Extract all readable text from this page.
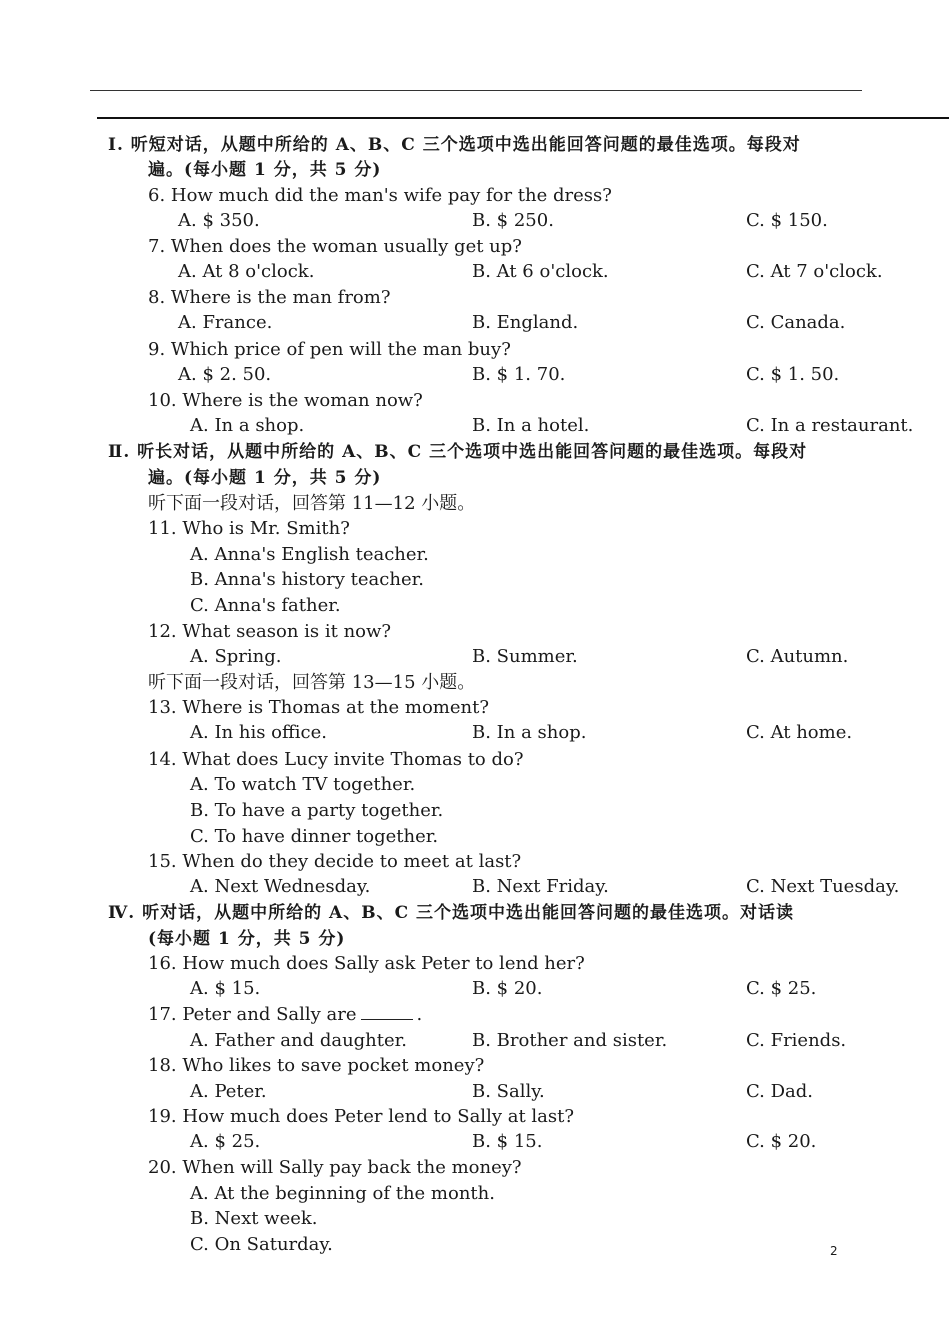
Ⅰ. 听短对话，从题中所给的 A、B、C 三个选项中选出能回答问题的最佳选项。每段对
遍。(每小题 1 分，共 5 分)
6. How much did the man's wife pay for the dress?
A. $ 350.	B. $ 250.	C. $ 150.
7. When does the woman usually get up?
A. At 8 o'clock.	B. At 6 o'clock.	C. At 7 o'clock.
8. Where is the man from?
A. France.	B. England.	C. Canada.
9. Which price of pen will the man buy?
A. $ 2. 50.	B. $ 1. 70.	C. $ 1. 50.
10. Where is the woman now?
A. In a shop.	B. In a hotel.	C. In a restaurant.
Ⅱ. 听长对话，从题中所给的 A、B、C 三个选项中选出能回答问题的最佳选项。每段对
遍。(每小题 1 分，共 5 分)
听下面一段对话，回答第 11—12 小题。
11. Who is Mr. Smith?
A. Anna's English teacher.
B. Anna's history teacher.
C. Anna's father.
12. What season is it now?
A. Spring.	B. Summer.	C. Autumn.
听下面一段对话，回答第 13—15 小题。
13. Where is Thomas at the moment?
A. In his office.	B. In a shop.	C. At home.
14. What does Lucy invite Thomas to do?
A. To watch TV together.
B. To have a party together.
C. To have dinner together.
15. When do they decide to meet at last?
A. Next Wednesday.	B. Next Friday.	C. Next Tuesday.
Ⅳ. 听对话，从题中所给的 A、B、C 三个选项中选出能回答问题的最佳选项。对话读
(每小题 1 分，共 5 分)
16. How much does Sally ask Peter to lend her?
A. $ 15.	B. $ 20.	C. $ 25.
17. Peter and Sally are	.
A. Father and daughter.	B. Brother and sister.	C. Friends.
18. Who likes to save pocket money?
A. Peter.	B. Sally.	C. Dad.
19. How much does Peter lend to Sally at last?
A. $ 25.	B. $ 15.	C. $ 20.
20. When will Sally pay back the money?
A. At the beginning of the month.
B. Next week.
C. On Saturday.	2
